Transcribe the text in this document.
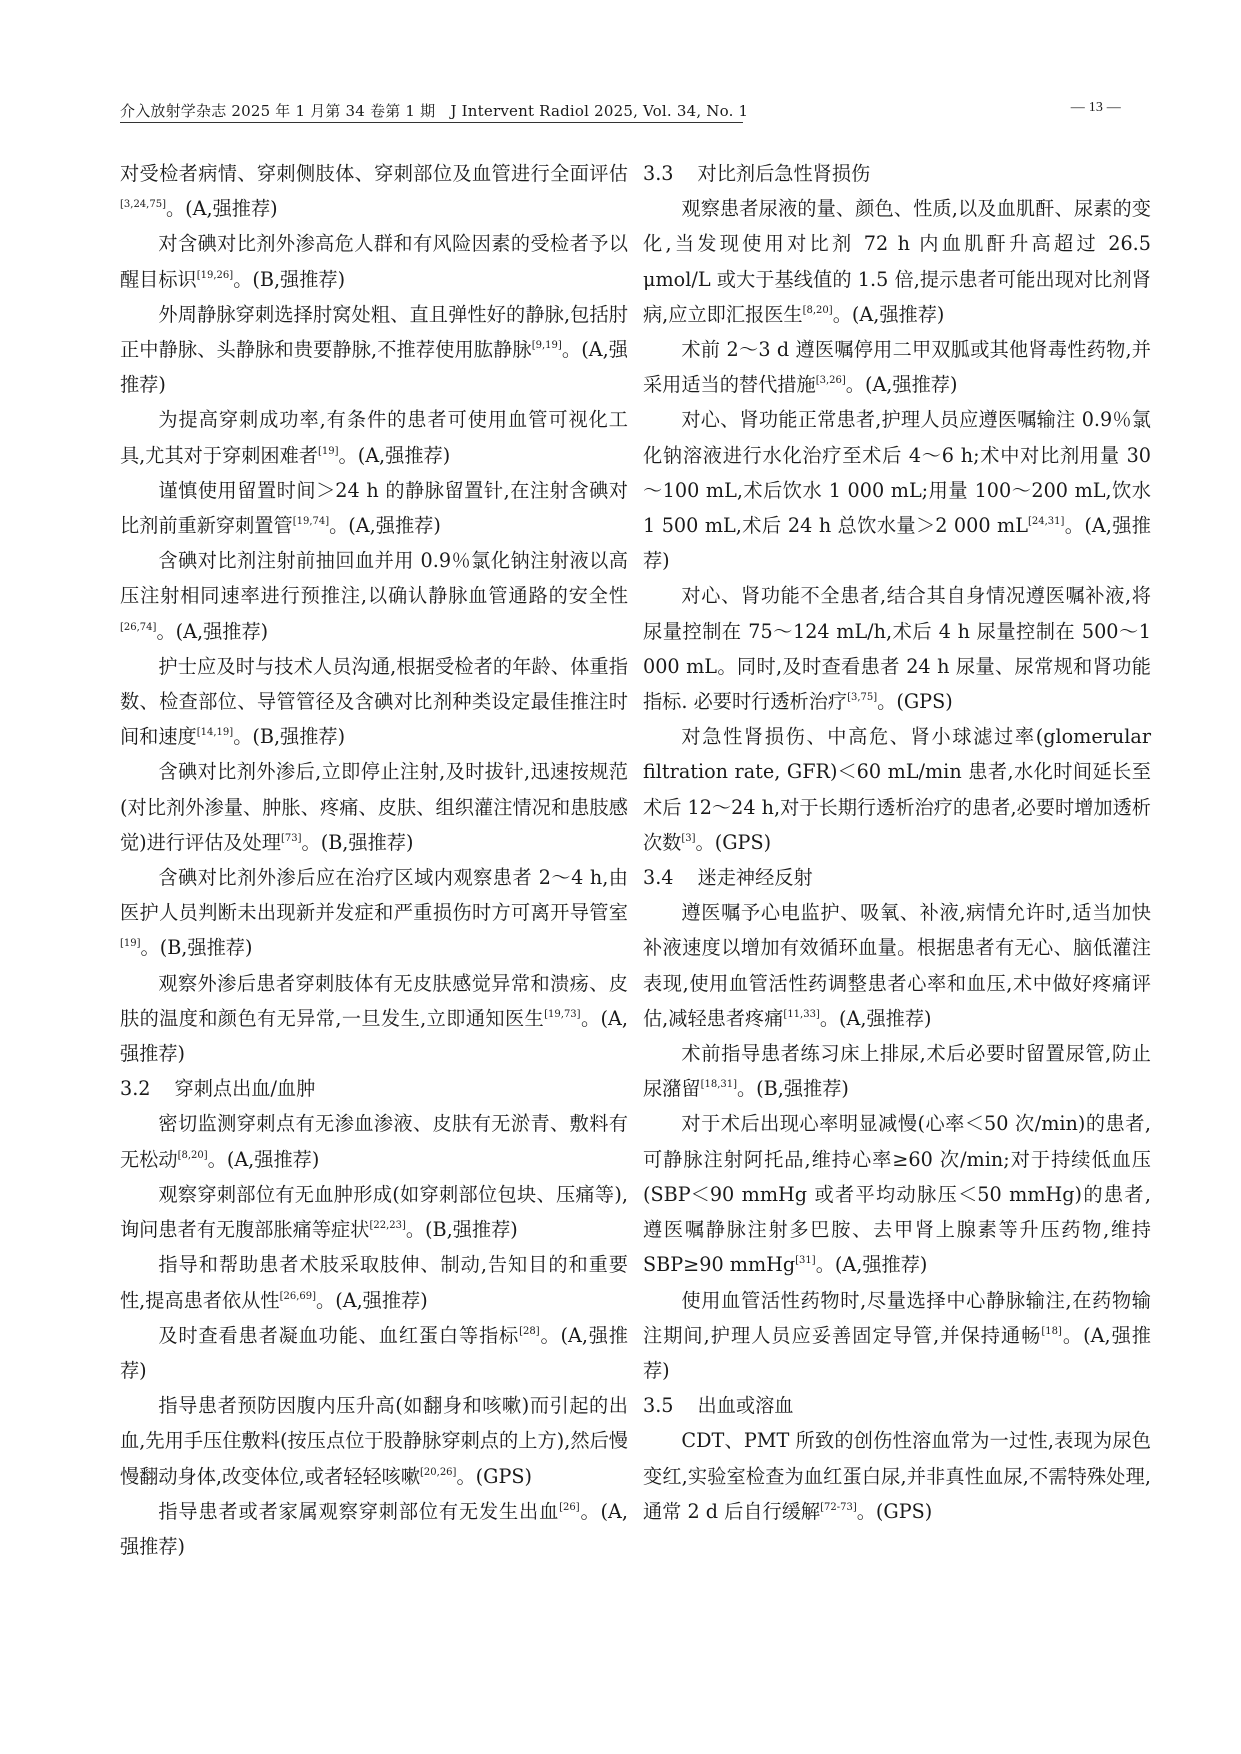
介入放射学杂志 2025 年 1 月第 34 卷第 1 期　J Intervent Radiol 2025, Vol. 34, No. 1	— 13 —

对受检者病情、穿刺侧肢体、穿刺部位及血管进行全面评估[3,24,75]。(A,强推荐)

对含碘对比剂外渗高危人群和有风险因素的受检者予以醒目标识[19,26]。(B,强推荐)

外周静脉穿刺选择肘窝处粗、直且弹性好的静脉,包括肘正中静脉、头静脉和贵要静脉,不推荐使用肱静脉[9,19]。(A,强推荐)

为提高穿刺成功率,有条件的患者可使用血管可视化工具,尤其对于穿刺困难者[19]。(A,强推荐)

谨慎使用留置时间＞24 h 的静脉留置针,在注射含碘对比剂前重新穿刺置管[19,74]。(A,强推荐)

含碘对比剂注射前抽回血并用 0.9％氯化钠注射液以高压注射相同速率进行预推注,以确认静脉血管通路的安全性[26,74]。(A,强推荐)

护士应及时与技术人员沟通,根据受检者的年龄、体重指数、检查部位、导管管径及含碘对比剂种类设定最佳推注时间和速度[14,19]。(B,强推荐)

含碘对比剂外渗后,立即停止注射,及时拔针,迅速按规范(对比剂外渗量、肿胀、疼痛、皮肤、组织灌注情况和患肢感觉)进行评估及处理[73]。(B,强推荐)

含碘对比剂外渗后应在治疗区域内观察患者 2～4 h,由医护人员判断未出现新并发症和严重损伤时方可离开导管室[19]。(B,强推荐)

观察外渗后患者穿刺肢体有无皮肤感觉异常和溃疡、皮肤的温度和颜色有无异常,一旦发生,立即通知医生[19,73]。(A,强推荐)

3.2 穿刺点出血/血肿

密切监测穿刺点有无渗血渗液、皮肤有无淤青、敷料有无松动[8,20]。(A,强推荐)

观察穿刺部位有无血肿形成(如穿刺部位包块、压痛等),询问患者有无腹部胀痛等症状[22,23]。(B,强推荐)

指导和帮助患者术肢采取肢伸、制动,告知目的和重要性,提高患者依从性[26,69]。(A,强推荐)

及时查看患者凝血功能、血红蛋白等指标[28]。(A,强推荐)

指导患者预防因腹内压升高(如翻身和咳嗽)而引起的出血,先用手压住敷料(按压点位于股静脉穿刺点的上方),然后慢慢翻动身体,改变体位,或者轻轻咳嗽[20,26]。(GPS)

指导患者或者家属观察穿刺部位有无发生出血[26]。(A,强推荐)

3.3 对比剂后急性肾损伤

观察患者尿液的量、颜色、性质,以及血肌酐、尿素的变化,当发现使用对比剂 72 h 内血肌酐升高超过 26.5 μmol/L 或大于基线值的 1.5 倍,提示患者可能出现对比剂肾病,应立即汇报医生[8,20]。(A,强推荐)

术前 2～3 d 遵医嘱停用二甲双胍或其他肾毒性药物,并采用适当的替代措施[3,26]。(A,强推荐)

对心、肾功能正常患者,护理人员应遵医嘱输注 0.9％氯化钠溶液进行水化治疗至术后 4～6 h;术中对比剂用量 30～100 mL,术后饮水 1 000 mL;用量 100～200 mL,饮水 1 500 mL,术后 24 h 总饮水量＞2 000 mL[24,31]。(A,强推荐)

对心、肾功能不全患者,结合其自身情况遵医嘱补液,将尿量控制在 75～124 mL/h,术后 4 h 尿量控制在 500～1 000 mL。同时,及时查看患者 24 h 尿量、尿常规和肾功能指标. 必要时行透析治疗[3,75]。(GPS)

对急性肾损伤、中高危、肾小球滤过率(glomerular filtration rate, GFR)＜60 mL/min 患者,水化时间延长至术后 12～24 h,对于长期行透析治疗的患者,必要时增加透析次数[3]。(GPS)

3.4 迷走神经反射

遵医嘱予心电监护、吸氧、补液,病情允许时,适当加快补液速度以增加有效循环血量。根据患者有无心、脑低灌注表现,使用血管活性药调整患者心率和血压,术中做好疼痛评估,减轻患者疼痛[11,33]。(A,强推荐)

术前指导患者练习床上排尿,术后必要时留置尿管,防止尿潴留[18,31]。(B,强推荐)

对于术后出现心率明显减慢(心率＜50 次/min)的患者,可静脉注射阿托品,维持心率≥60 次/min;对于持续低血压(SBP＜90 mmHg 或者平均动脉压＜50 mmHg)的患者,遵医嘱静脉注射多巴胺、去甲肾上腺素等升压药物,维持 SBP≥90 mmHg[31]。(A,强推荐)

使用血管活性药物时,尽量选择中心静脉输注,在药物输注期间,护理人员应妥善固定导管,并保持通畅[18]。(A,强推荐)

3.5 出血或溶血

CDT、PMT 所致的创伤性溶血常为一过性,表现为尿色变红,实验室检查为血红蛋白尿,并非真性血尿,不需特殊处理,通常 2 d 后自行缓解[72-73]。(GPS)
